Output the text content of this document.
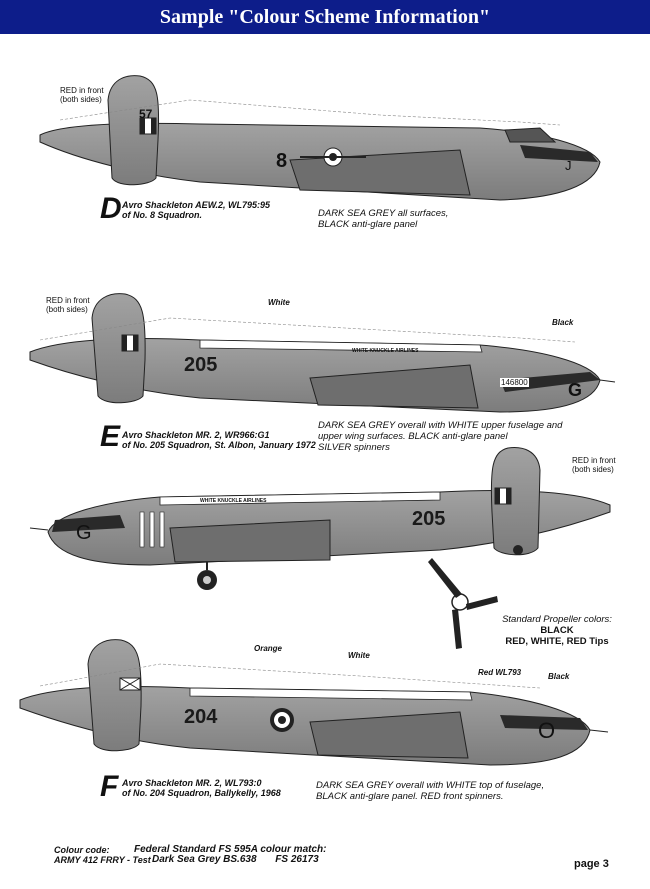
Sample "Colour Scheme Information"
RED in front
(both sides)
57
8	J
D Avro Shackleton AEW.2, WL795:95
of No. 8 Squadron.	DARK SEA GREY all surfaces,
BLACK anti-glare panel
RED in front
(both sides)
White
Black
205
WHITE KNUCKLE AIRLINES
146800 G
E Avro Shackleton MR. 2, WR966:G1
of No. 205 Squadron, St. Albon, January 1972
DARK SEA GREY overall with WHITE upper fuselage and
upper wing surfaces. BLACK anti-glare panel
SILVER spinners
RED in front
(both sides)
WHITE KNUCKLE AIRLINES
205
G
Standard Propeller colors:
BLACK
RED, WHITE, RED Tips
Orange
White
Red WL793	Black
204
O
F Avro Shackleton MR. 2, WL793:0
of No. 204 Squadron, Ballykelly, 1968
DARK SEA GREY overall with WHITE top of fuselage,
BLACK anti-glare panel. RED front spinners.
Colour code:
ARMY 412 FRRY - Test
Federal Standard FS 595A colour match:
Dark Sea Grey BS.638 FS 26173	page 3
